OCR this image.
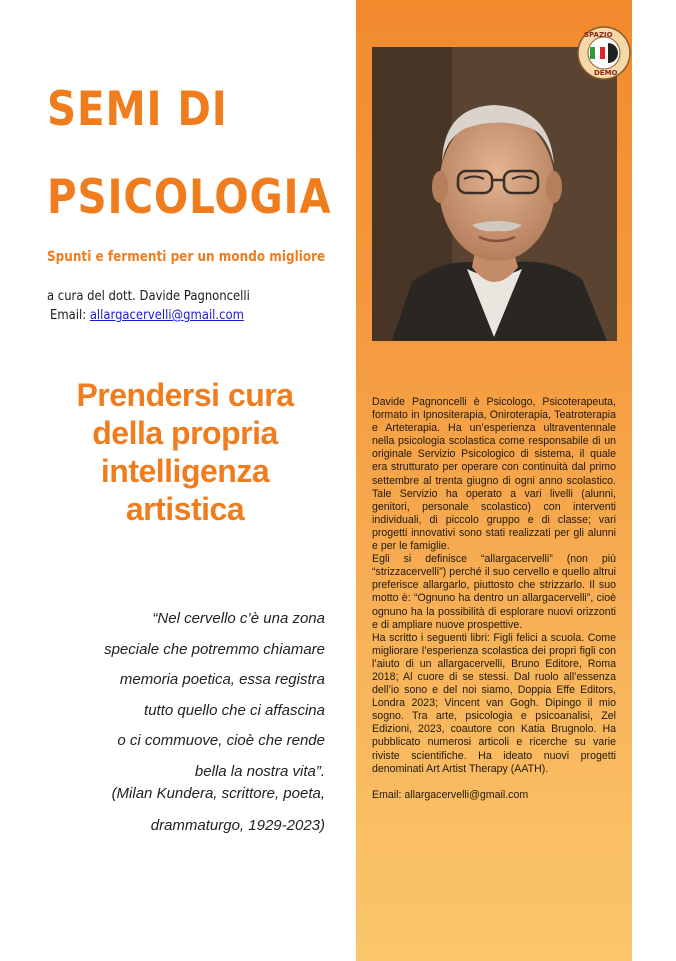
SEMI DI
PSICOLOGIA
Spunti e fermenti per un mondo migliore
a cura del dott. Davide Pagnoncelli
Email: allargacervelli@gmail.com
Prendersi cura
della propria
intelligenza
artistica
“Nel cervello c’è una zona
speciale che potremmo chiamare
memoria poetica, essa registra
tutto quello che ci affascina
o ci commuove, cioè che rende
bella la nostra vita”.
(Milan Kundera, scrittore, poeta,
drammaturgo, 1929-2023)

Davide Pagnoncelli è Psicologo, Psicoterapeuta, formato in Ipnositerapia, Oniroterapia, Teatroterapia e Arteterapia. Ha un’esperienza ultraventennale nella psicologia scolastica come responsabile di un originale Servizio Psicologico di sistema, il quale era strutturato per operare con continuità dal primo settembre al trenta giugno di ogni anno scolastico. Tale Servizio ha operato a vari livelli (alunni, genitori, personale scolastico) con interventi individuali, di piccolo gruppo e di classe; vari progetti innovativi sono stati realizzati per gli alunni e per le famiglie.

Egli si definisce “allargacervelli” (non più “strizzacervelli”) perché il suo cervello e quello altrui preferisce allargarlo, piuttosto che strizzarlo. Il suo motto è: “Ognuno ha dentro un allargacervelli”, cioè ognuno ha la possibilità di esplorare nuovi orizzonti e di ampliare nuove prospettive.

Ha scritto i seguenti libri: Figli felici a scuola. Come migliorare l’esperienza scolastica dei propri figli con l’aiuto di un allargacervelli, Bruno Editore, Roma 2018; Al cuore di se stessi. Dal ruolo all’essenza dell’io sono e del noi siamo, Doppia Effe Editors, Londra 2023; Vincent van Gogh. Dipingo il mio sogno. Tra arte, psicologia e psicoanalisi, Zel Edizioni, 2023, coautore con Katia Brugnolo. Ha pubblicato numerosi articoli e ricerche su varie riviste scientifiche. Ha ideato nuovi progetti denominati Art Artist Therapy (AATH).

Email: allargacervelli@gmail.com

SPAZIO
DEMO
